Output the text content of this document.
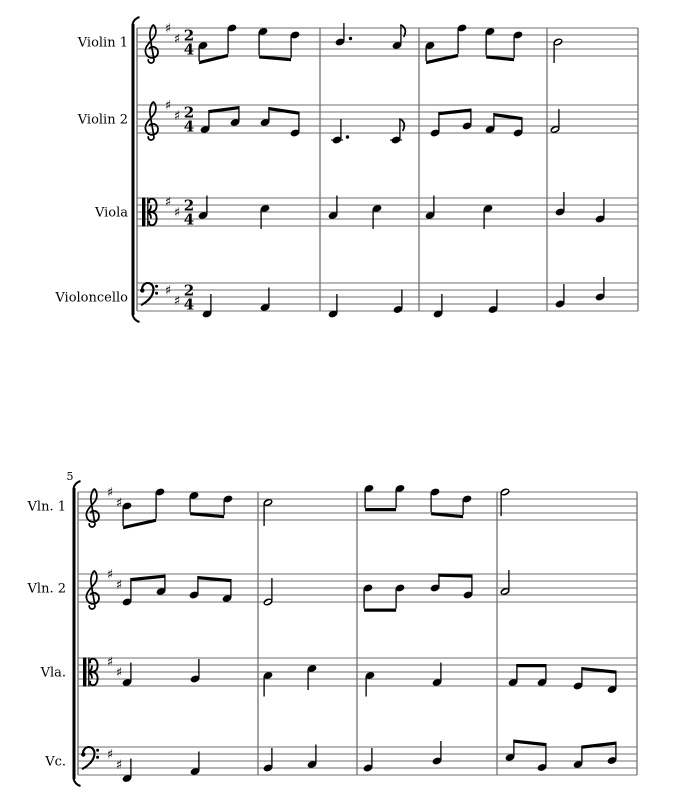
Violin 1
♯
♯ 2
4
Violin 2
♯
♯ 2
4
Viola
♯
♯ 2
4
Violoncello	♯
♯
2
4
5
Vln. 1
♯
♯
Vln. 2
♯
♯
Vla.
♯
♯
Vc.	♯
♯
